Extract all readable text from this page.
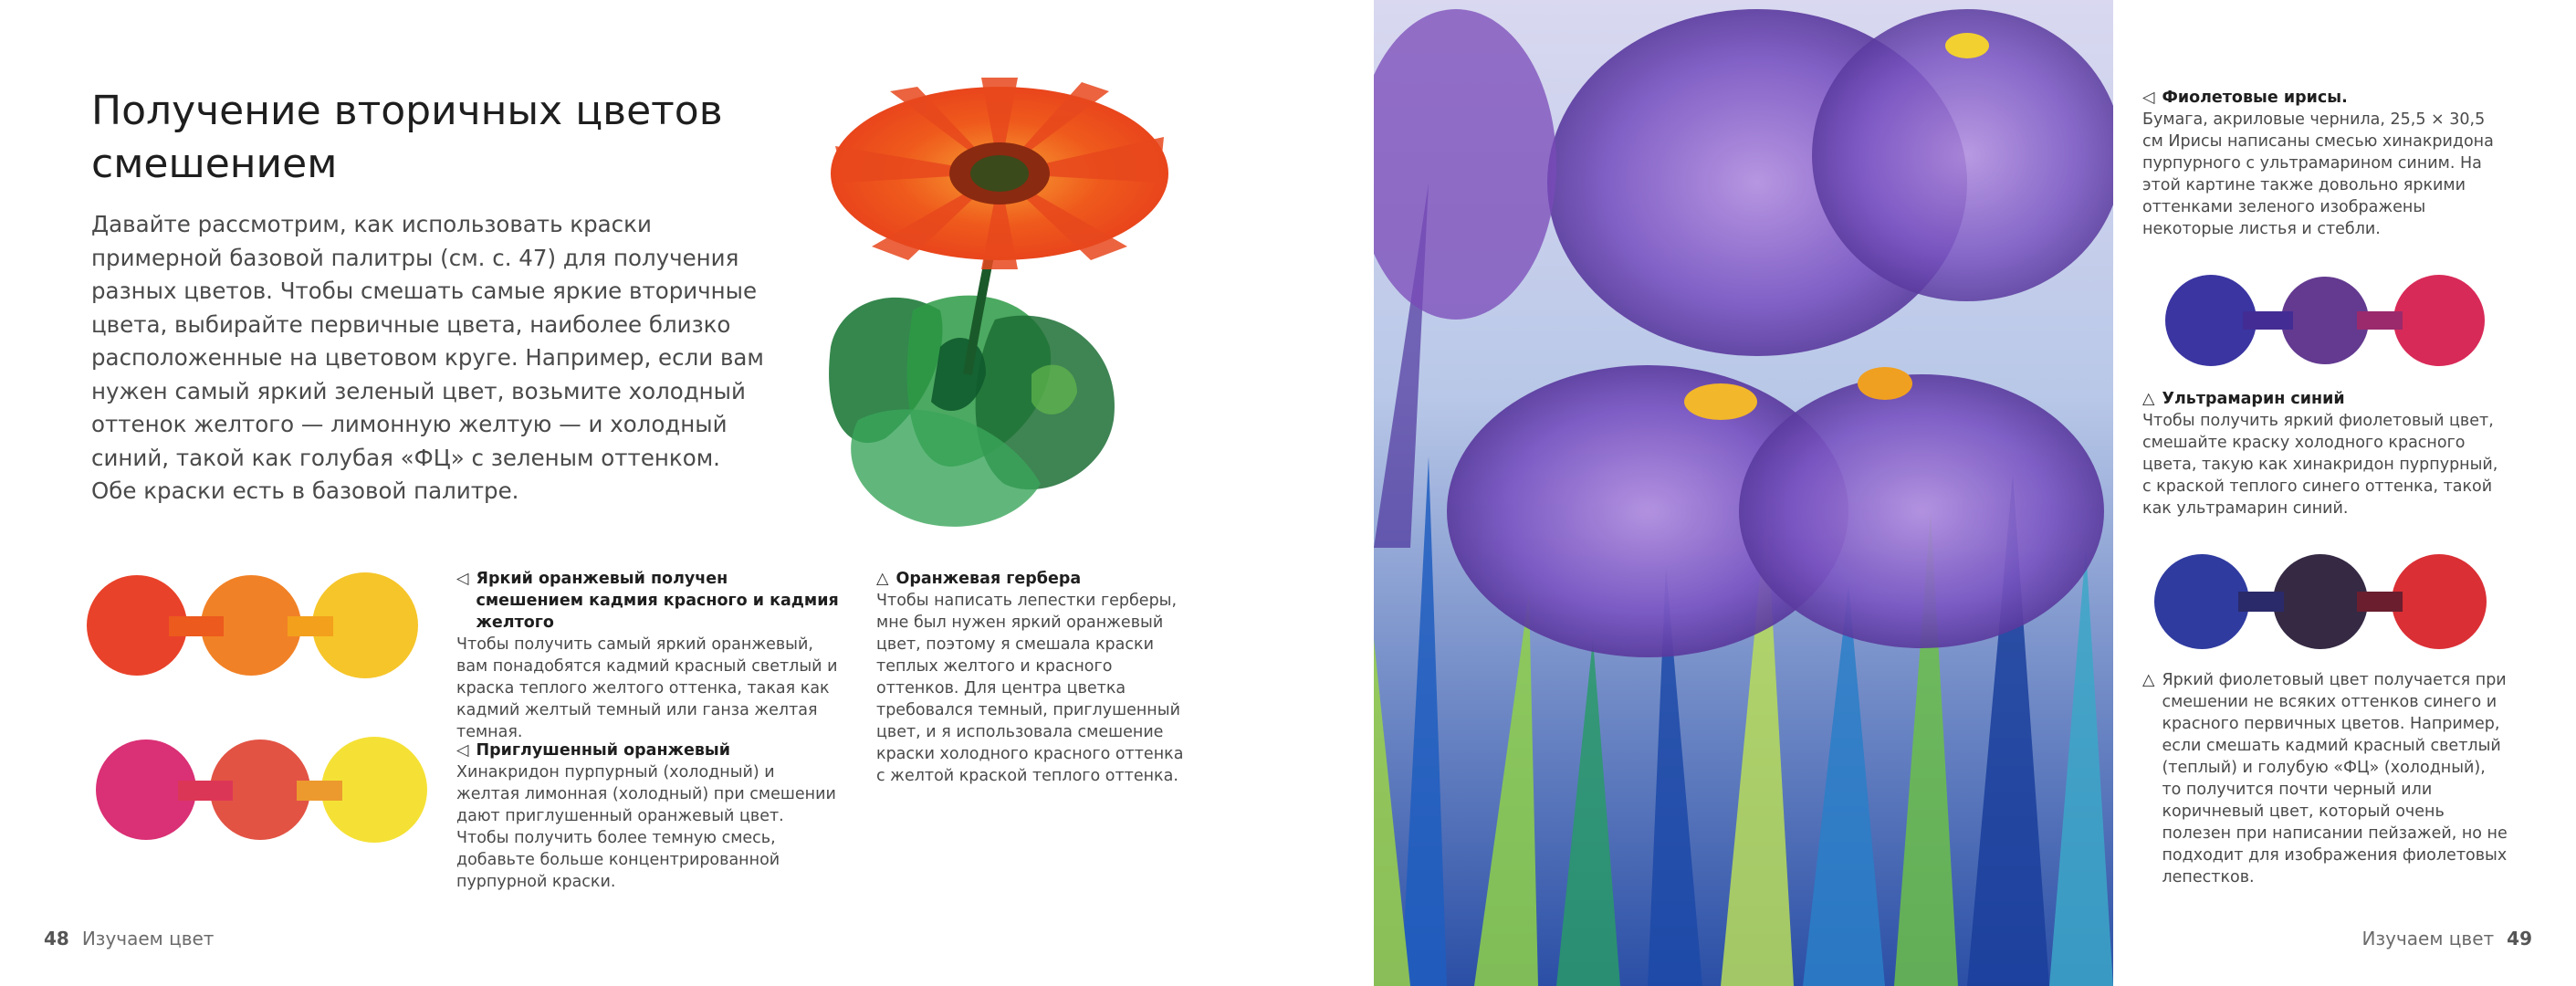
Получение вторичных цветов смешением

Давайте рассмотрим, как использовать краски примерной базовой палитры (см. с. 47) для получения разных цветов. Чтобы смешать самые яркие вторичные цвета, выбирайте первичные цвета, наиболее близко расположенные на цветовом круге. Например, если вам нужен самый яркий зеленый цвет, возьмите холодный оттенок желтого — лимонную желтую — и холодный синий, такой как голубая «ФЦ» с зеленым оттенком. Обе краски есть в базовой палитре.

◁ Яркий оранжевый получен смешением кадмия красного и кадмия желтого
Чтобы получить самый яркий оранжевый, вам понадобятся кадмий красный светлый и краска теплого желтого оттенка, такая как кадмий желтый темный или ганза желтая темная.
◁ Приглушенный оранжевый
Хинакридон пурпурный (холодный) и желтая лимонная (холодный) при смешении дают приглушенный оранжевый цвет. Чтобы получить более темную смесь, добавьте больше концентрированной пурпурной краски.
△ Оранжевая гербера
Чтобы написать лепестки герберы, мне был нужен яркий оранжевый цвет, поэтому я смешала краски теплых желтого и красного оттенков. Для центра цветка требовался темный, приглушенный цвет, и я использовала смешение краски холодного красного оттенка с желтой краской теплого оттенка.
48 Изучаем цвет
◁ Фиолетовые ирисы.
Бумага, акриловые чернила, 25,5 × 30,5 см Ирисы написаны смесью хинакридона пурпурного с ультрамарином синим. На этой картине также довольно яркими оттенками зеленого изображены некоторые листья и стебли.
△ Ультрамарин синий
Чтобы получить яркий фиолетовый цвет, смешайте краску холодного красного цвета, такую как хинакридон пурпурный, с краской теплого синего оттенка, такой как ультрамарин синий.
△ Яркий фиолетовый цвет получается при смешении не всяких оттенков синего и красного первичных цветов. Например, если смешать кадмий красный светлый (теплый) и голубую «ФЦ» (холодный), то получится почти черный или коричневый цвет, который очень полезен при написании пейзажей, но не подходит для изображения фиолетовых лепестков.
Изучаем цвет 49
